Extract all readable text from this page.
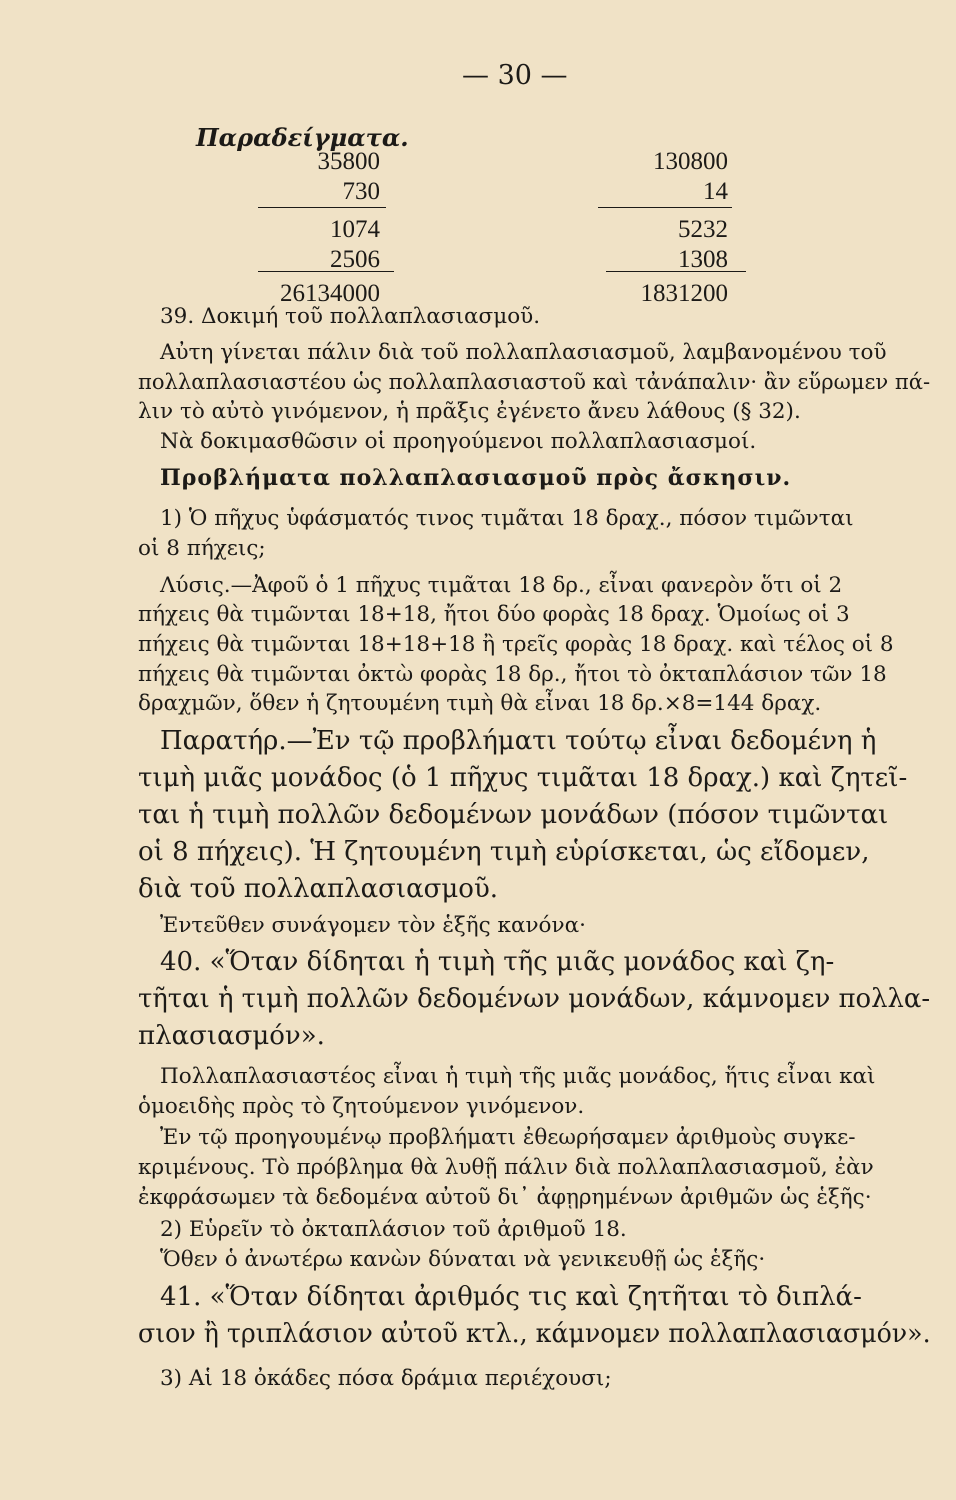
— 30 —
Παραδείγματα.
35800
730
1074
2506
26134000
130800
14
5232
1308
1831200
39. Δοκιμή τοῦ πολλαπλασιασμοῦ.
Αὐτη γίνεται πάλιν διὰ τοῦ πολλαπλασιασμοῦ, λαμβανομένου τοῦ
πολλαπλασιαστέου ὡς πολλαπλασιαστοῦ καὶ τἀνάπαλιν· ἂν εὕρωμεν πά-
λιν τὸ αὐτὸ γινόμενον, ἡ πρᾶξις ἐγένετο ἄνευ λάθους (§ 32).
Νὰ δοκιμασθῶσιν οἱ προηγούμενοι πολλαπλασιασμοί.
Προβλήματα πολλαπλασιασμοῦ πρὸς ἄσκησιν.
1) Ὁ πῆχυς ὑφάσματός τινος τιμᾶται 18 δραχ., πόσον τιμῶνται
οἱ 8 πήχεις;
Λύσις.—Ἀφοῦ ὁ 1 πῆχυς τιμᾶται 18 δρ., εἶναι φανερὸν ὅτι οἱ 2
πήχεις θὰ τιμῶνται 18+18, ἤτοι δύο φορὰς 18 δραχ. Ὁμοίως οἱ 3
πήχεις θὰ τιμῶνται 18+18+18 ἢ τρεῖς φορὰς 18 δραχ. καὶ τέλος οἱ 8
πήχεις θὰ τιμῶνται ὀκτὼ φορὰς 18 δρ., ἤτοι τὸ ὀκταπλάσιον τῶν 18
δραχμῶν, ὅθεν ἡ ζητουμένη τιμὴ θὰ εἶναι 18 δρ.×8=144 δραχ.
Παρατήρ.—Ἐν τῷ προβλήματι τούτῳ εἶναι δεδομένη ἡ
τιμὴ μιᾶς μονάδος (ὁ 1 πῆχυς τιμᾶται 18 δραχ.) καὶ ζητεῖ-
ται ἡ τιμὴ πολλῶν δεδομένων μονάδων (πόσον τιμῶνται
οἱ 8 πήχεις). Ἡ ζητουμένη τιμὴ εὑρίσκεται, ὡς εἴδομεν,
διὰ τοῦ πολλαπλασιασμοῦ.
Ἐντεῦθεν συνάγομεν τὸν ἑξῆς κανόνα·
40. «Ὅταν δίδηται ἡ τιμὴ τῆς μιᾶς μονάδος καὶ ζη-
τῆται ἡ τιμὴ πολλῶν δεδομένων μονάδων, κάμνομεν πολλα-
πλασιασμόν».
Πολλαπλασιαστέος εἶναι ἡ τιμὴ τῆς μιᾶς μονάδος, ἥτις εἶναι καὶ
ὁμοειδὴς πρὸς τὸ ζητούμενον γινόμενον.
Ἐν τῷ προηγουμένῳ προβλήματι ἐθεωρήσαμεν ἀριθμοὺς συγκε-
κριμένους. Τὸ πρόβλημα θὰ λυθῇ πάλιν διὰ πολλαπλασιασμοῦ, ἐὰν
ἐκφράσωμεν τὰ δεδομένα αὐτοῦ δι᾽ ἀφῃρημένων ἀριθμῶν ὡς ἑξῆς·
2) Εὑρεῖν τὸ ὀκταπλάσιον τοῦ ἀριθμοῦ 18.
Ὅθεν ὁ ἀνωτέρω κανὼν δύναται νὰ γενικευθῇ ὡς ἑξῆς·
41. «Ὅταν δίδηται ἀριθμός τις καὶ ζητῆται τὸ διπλά-
σιον ἢ τριπλάσιον αὐτοῦ κτλ., κάμνομεν πολλαπλασιασμόν».
3) Αἱ 18 ὀκάδες πόσα δράμια περιέχουσι;
